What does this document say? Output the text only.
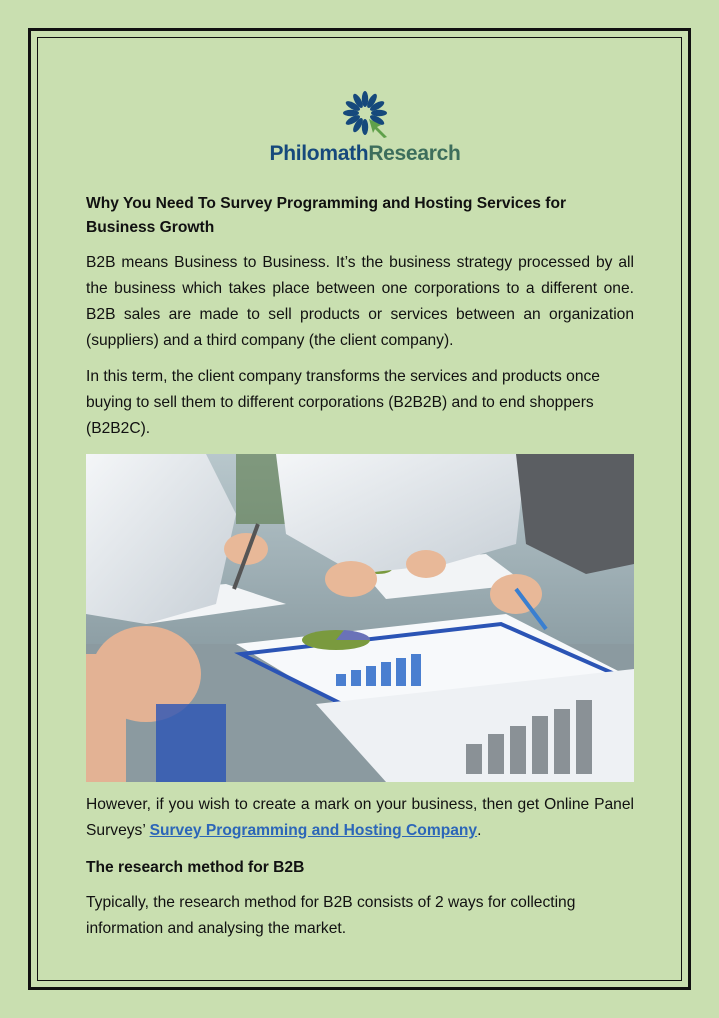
PhilomathResearch
Why You Need To Survey Programming and Hosting Services for Business Growth

B2B means Business to Business. It’s the business strategy processed by all the business which takes place between one corporations to a different one. B2B sales are made to sell products or services between an organization (suppliers) and a third company (the client company).

In this term, the client company transforms the services and products once buying to sell them to different corporations (B2B2B) and to end shoppers (B2B2C).

However, if you wish to create a mark on your business, then get Online Panel Surveys’ Survey Programming and Hosting Company.

The research method for B2B

Typically, the research method for B2B consists of 2 ways for collecting information and analysing the market.
